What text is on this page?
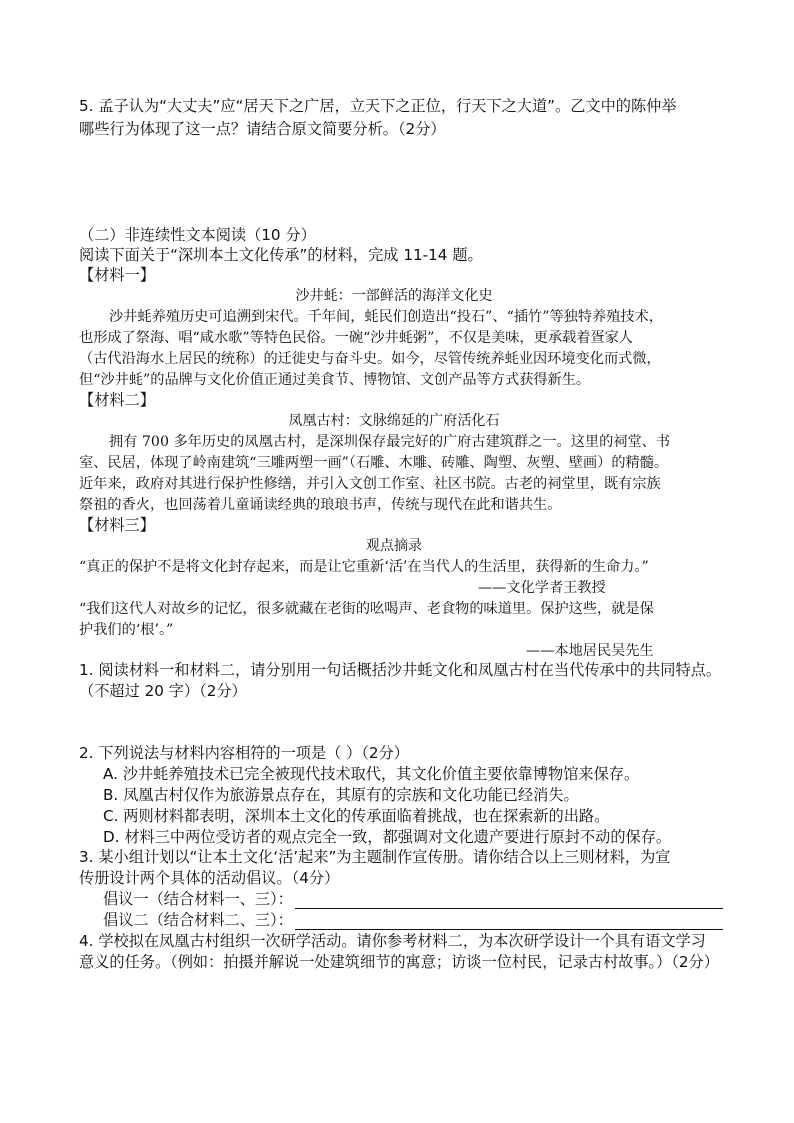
5. 孟子认为“大丈夫”应“居天下之广居，立天下之正位，行天下之大道”。乙文中的陈仲举
哪些行为体现了这一点？请结合原文简要分析。（2分）
（二）非连续性文本阅读（10 分）
阅读下面关于“深圳本土文化传承”的材料，完成 11-14 题。
【材料一】
沙井蚝：一部鲜活的海洋文化史
沙井蚝养殖历史可追溯到宋代。千年间，蚝民们创造出“投石”、“插竹”等独特养殖技术，
也形成了祭海、唱“咸水歌”等特色民俗。一碗“沙井蚝粥”，不仅是美味，更承载着疍家人
（古代沿海水上居民的统称）的迁徙史与奋斗史。如今，尽管传统养蚝业因环境变化而式微，
但“沙井蚝”的品牌与文化价值正通过美食节、博物馆、文创产品等方式获得新生。
【材料二】
凤凰古村：文脉绵延的广府活化石
拥有 700 多年历史的凤凰古村，是深圳保存最完好的广府古建筑群之一。这里的祠堂、书
室、民居，体现了岭南建筑“三雕两塑一画”（石雕、木雕、砖雕、陶塑、灰塑、壁画）的精髓。
近年来，政府对其进行保护性修缮，并引入文创工作室、社区书院。古老的祠堂里，既有宗族
祭祖的香火，也回荡着儿童诵读经典的琅琅书声，传统与现代在此和谐共生。
【材料三】
观点摘录
“真正的保护不是将文化封存起来，而是让它重新‘活’在当代人的生活里，获得新的生命力。”
——文化学者王教授
“我们这代人对故乡的记忆，很多就藏在老街的吆喝声、老食物的味道里。保护这些，就是保
护我们的‘根’。”
——本地居民吴先生
1. 阅读材料一和材料二，请分别用一句话概括沙井蚝文化和凤凰古村在当代传承中的共同特点。
（不超过 20 字）（2分）
2. 下列说法与材料内容相符的一项是（ ）（2分）
A. 沙井蚝养殖技术已完全被现代技术取代，其文化价值主要依靠博物馆来保存。
B. 凤凰古村仅作为旅游景点存在，其原有的宗族和文化功能已经消失。
C. 两则材料都表明，深圳本土文化的传承面临着挑战，也在探索新的出路。
D. 材料三中两位受访者的观点完全一致，都强调对文化遗产要进行原封不动的保存。
3. 某小组计划以“让本土文化‘活’起来”为主题制作宣传册。请你结合以上三则材料，为宣
传册设计两个具体的活动倡议。（4分）
倡议一（结合材料一、三）：
倡议二（结合材料二、三）：
4. 学校拟在凤凰古村组织一次研学活动。请你参考材料二，为本次研学设计一个具有语文学习
意义的任务。（例如：拍摄并解说一处建筑细节的寓意；访谈一位村民，记录古村故事。）（2分）
